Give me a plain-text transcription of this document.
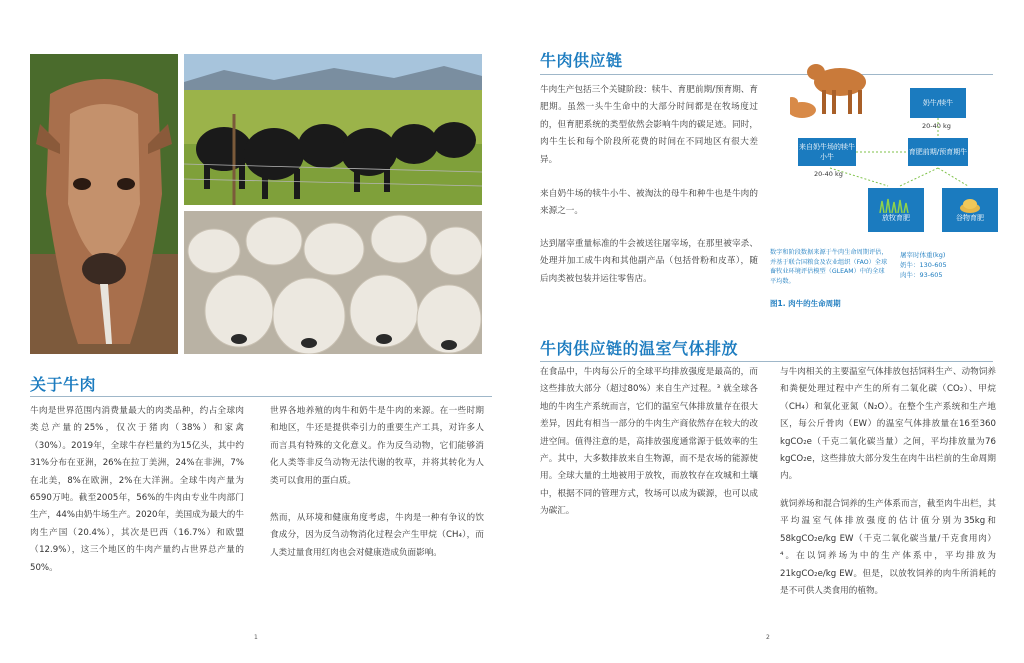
关于牛肉
牛肉是世界范围内消费量最大的肉类品种，约占全球肉类总产量的25%，仅次于猪肉（38%）和家禽（30%）。2019年，全球牛存栏量约为15亿头，其中约31%分布在亚洲，26%在拉丁美洲，24%在非洲，7%在北美，8%在欧洲，2%在大洋洲。全球牛肉产量为6590万吨。截至2005年，56%的牛肉由专业牛肉部门生产，44%由奶牛场生产。2020年，美国成为最大的牛肉生产国（20.4%），其次是巴西（16.7%）和欧盟（12.9%），这三个地区的牛肉产量约占世界总产量的50%。
世界各地养殖的肉牛和奶牛是牛肉的来源。在一些时期和地区，牛还是提供牵引力的重要生产工具，对许多人而言具有特殊的文化意义。作为反刍动物，它们能够消化人类等非反刍动物无法代谢的牧草，并将其转化为人类可以食用的蛋白质。
然而，从环境和健康角度考虑，牛肉是一种有争议的饮食成分，因为反刍动物消化过程会产生甲烷（CH₄），而人类过量食用红肉也会对健康造成负面影响。
1
牛肉供应链
牛肉生产包括三个关键阶段：犊牛、育肥前期/预育期、育肥期。虽然一头牛生命中的大部分时间都是在牧场度过的，但育肥系统的类型依然会影响牛肉的碳足迹。同时，肉牛生长和每个阶段所花费的时间在不同地区有很大差异。
来自奶牛场的犊牛小牛、被淘汰的母牛和种牛也是牛肉的来源之一。
达到屠宰重量标准的牛会被送往屠宰场，在那里被宰杀、处理并加工成牛肉和其他副产品（包括骨粉和皮革），随后肉类被包装并运往零售店。
奶牛/犊牛
20-40 kg
来自奶牛场的犊牛小牛
育肥前期/预育期牛
20-40 kg
放牧育肥	谷物育肥
数字和阶段数据来源于牛肉生命周期评估，并基于联合国粮食及农业组织（FAO）全球畜牧业环境评估模型（GLEAM）中的全球平均数。
屠宰时体重(kg)
奶牛：130-605
肉牛：93-605
图1. 肉牛的生命周期
牛肉供应链的温室气体排放
在食品中，牛肉每公斤的全球平均排放强度是最高的，而这些排放大部分（超过80%）来自生产过程。³ 就全球各地的牛肉生产系统而言，它们的温室气体排放量存在很大差异，因此有相当一部分的牛肉生产商依然存在较大的改进空间。值得注意的是，高排放强度通常源于低效率的生产。其中，大多数排放来自生物源，而不是农场的能源使用。全球大量的土地被用于放牧，而放牧存在攻城和土壤中，根据不同的管理方式，牧场可以成为碳源，也可以成为碳汇。
与牛肉相关的主要温室气体排放包括饲料生产、动物饲养和粪便处理过程中产生的所有二氧化碳（CO₂）、甲烷（CH₄）和氧化亚氮（N₂O）。在整个生产系统和生产地区，每公斤骨肉（EW）的温室气体排放量在16至360 kgCO₂e（千克二氧化碳当量）之间，平均排放量为76 kgCO₂e，这些排放大部分发生在肉牛出栏前的生命周期内。
就饲养场和混合饲养的生产体系而言，截至肉牛出栏，其平均温室气体排放强度的估计值分别为35kg和58kgCO₂e/kg EW（千克二氧化碳当量/千克食用肉）⁴。在以饲养场为中的生产体系中，平均排放为21kgCO₂e/kg EW。但是，以放牧饲养的肉牛所消耗的是不可供人类食用的植物。
2
